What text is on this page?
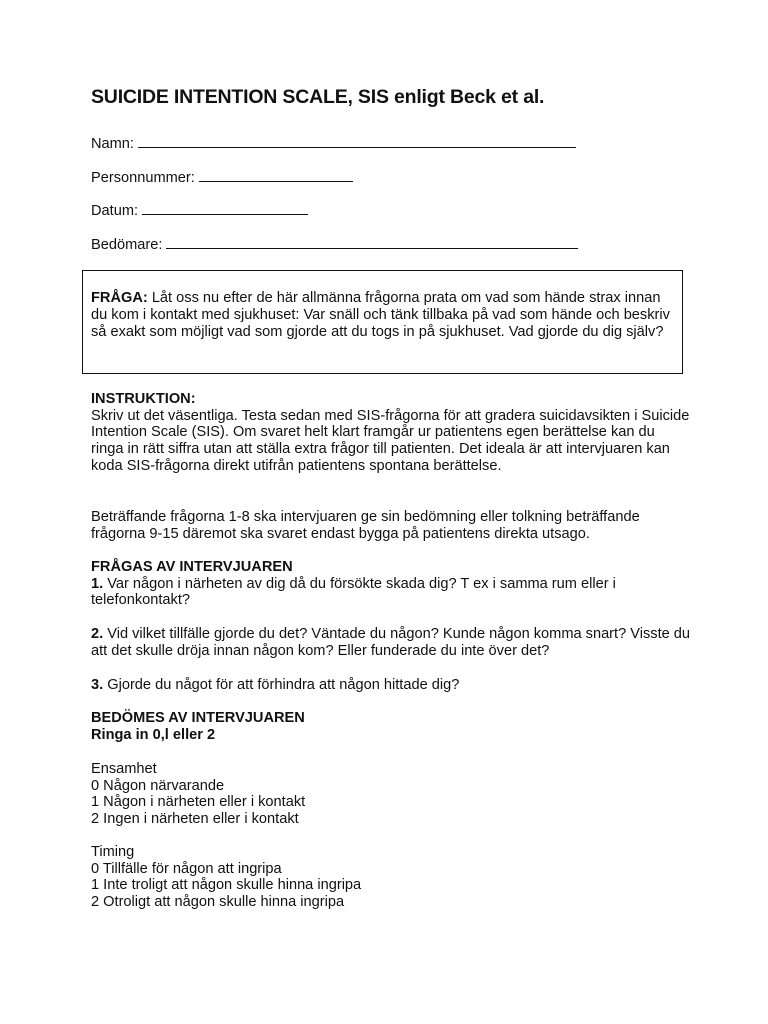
SUICIDE INTENTION SCALE, SIS enligt Beck et al.
Namn:
Personnummer:
Datum:
Bedömare:
FRÅGA: Låt oss nu efter de här allmänna frågorna prata om vad som hände strax innan du kom i kontakt med sjukhuset: Var snäll och tänk tillbaka på vad som hände och beskriv så exakt som möjligt vad som gjorde att du togs in på sjukhuset. Vad gjorde du dig själv?
INSTRUKTION:

Skriv ut det väsentliga. Testa sedan med SIS-frågorna för att gradera suicidavsikten i Suicide Intention Scale (SIS). Om svaret helt klart framgår ur patientens egen berättelse kan du ringa in rätt siffra utan att ställa extra frågor till patienten. Det ideala är att intervjuaren kan koda SIS-frågorna direkt utifrån patientens spontana berättelse.

Beträffande frågorna 1-8 ska intervjuaren ge sin bedömning eller tolkning beträffande frågorna 9-15 däremot ska svaret endast bygga på patientens direkta utsago.

FRÅGAS AV INTERVJUAREN

1. Var någon i närheten av dig då du försökte skada dig? T ex i samma rum eller i telefonkontakt?

2. Vid vilket tillfälle gjorde du det? Väntade du någon? Kunde någon komma snart? Visste du att det skulle dröja innan någon kom? Eller funderade du inte över det?

3. Gjorde du något för att förhindra att någon hittade dig?

BEDÖMES AV INTERVJUAREN
Ringa in 0,l eller 2
Ensamhet
0 Någon närvarande
1 Någon i närheten eller i kontakt
2 Ingen i närheten eller i kontakt
Timing
0 Tillfälle för någon att ingripa
1 Inte troligt att någon skulle hinna ingripa
2 Otroligt att någon skulle hinna ingripa
